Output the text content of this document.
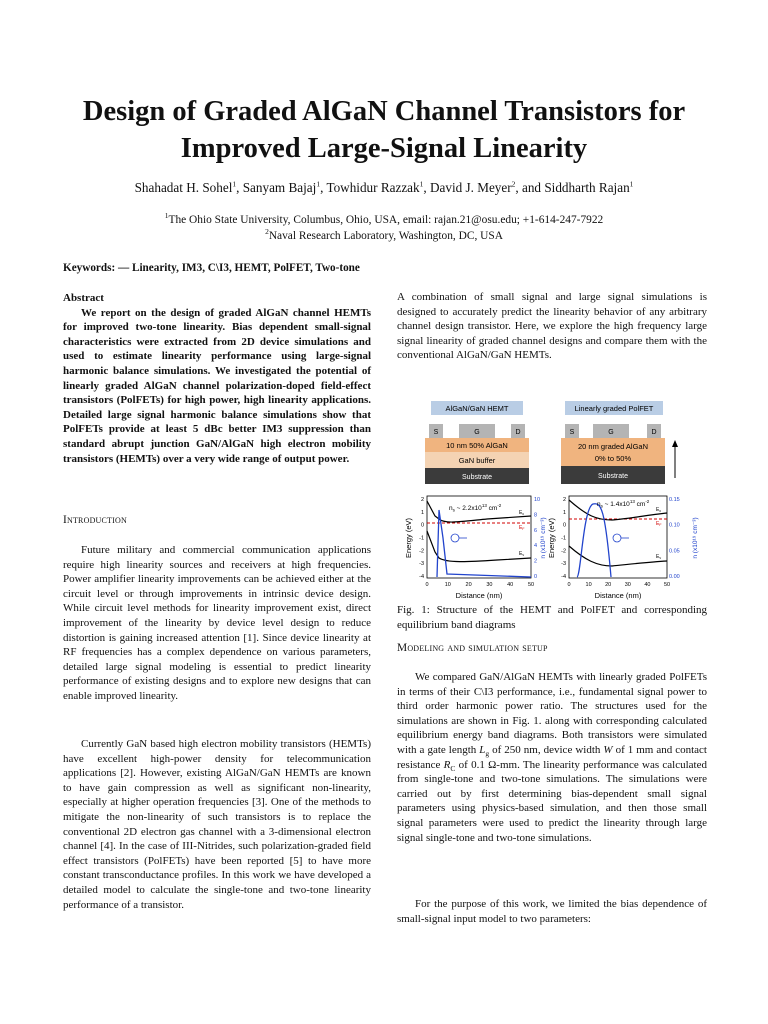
Design of Graded AlGaN Channel Transistors for Improved Large-Signal Linearity
Shahadat H. Sohel$^1$, Sanyam Bajaj$^1$, Towhidur Razzak$^1$, David J. Meyer$^2$, and Siddharth Rajan$^1$
$^1$The Ohio State University, Columbus, Ohio, USA, email: rajan.21@osu.edu; +1-614-247-7922
$^2$Naval Research Laboratory, Washington, DC, USA
Keywords: — Linearity, IM3, C\I3, HEMT, PolFET, Two-tone

Abstract

We report on the design of graded AlGaN channel HEMTs for improved two-tone linearity. Bias dependent small-signal characteristics were extracted from 2D device simulations and used to estimate linearity performance using large-signal harmonic balance simulations. We investigated the potential of linearly graded AlGaN channel polarization-doped field-effect transistors (PolFETs) for high power, high linearity applications. Detailed large signal harmonic balance simulations show that PolFETs provide at least 5 dBc better IM3 suppression than standard abrupt junction GaN/AlGaN high electron mobility transistors (HEMTs) over a very wide range of output power.

Introduction

Future military and commercial communication applications require high linearity sources and receivers at high frequencies. Power amplifier linearity improvements can be achieved either at the circuit level or through improvements in intrinsic device design. While circuit level methods for linearity improvement exist, direct improvement of the linearity by device level design to reduce distortion is gaining increased attention [1]. Since device linearity at RF frequencies has a complex dependence on various parameters, detailed large signal modeling is essential to predict linearity performance of existing designs and to explore new designs that can enable improved linearity.

Currently GaN based high electron mobility transistors (HEMTs) have excellent high-power density for telecommunication applications [2]. However, existing AlGaN/GaN HEMTs are known to have gain compression as well as significant non-linearity, especially at higher operation frequencies [3]. One of the methods to mitigate the non-linearity of such transistors is to replace the conventional 2D electron gas channel with a 3-dimensional electron channel [4]. In the case of III-Nitrides, such polarization-graded field effect transistors (PolFETs) have been reported [5] to have more constant transconductance profiles. In this work we have developed a detailed model to calculate the single-tone and two-tone linearity performance of a transistor.

A combination of small signal and large signal simulations is designed to accurately predict the linearity behavior of any arbitrary channel design transistor. Here, we explore the high frequency large signal linearity of graded channel designs and compare them with the conventional AlGaN/GaN HEMTs.

AlGaN/GaN HEMT
S	G	D
10 nm 50% AlGaN
GaN buffer
Substrate
Linearly graded PolFET
S	G	D
20 nm graded AlGaN
0% to 50%
Substrate
$n_s$ ~ $2.2x10^{13}$ $cm^{-2}$
$E_c$
$E_F$
$E_v$
2
1
0
-1
-2
-3
-4
10
8
6
4
2
0
0	10	20	30	40	50
Energy (eV)	n (x10¹⁹ cm⁻³)
Distance (nm)
$n_s$ ~ $1.4x10^{13}$ $cm^{-2}$
$E_c$
$E_F$
$E_v$
2
1
0
-1
-2
-3
-4
0.15
0.10
0.05
0.00
0	10 20 30 40 50
Energy (eV)	n (x10¹⁹ cm⁻³)
Distance (nm)
Fig. 1: Structure of the HEMT and PolFET and corresponding equilibrium band diagrams

Modeling and simulation setup

We compared GaN/AlGaN HEMTs with linearly graded PolFETs in terms of their C\I3 performance, i.e., fundamental signal power to third order harmonic power ratio. The structures used for the simulations are shown in Fig. 1. along with corresponding calculated equilibrium energy band diagrams. Both transistors were simulated with a gate length $L_g$ of 250 nm, device width W of 1 mm and contact resistance $R_C$ of 0.1 Ω-mm. The linearity performance was calculated from single-tone and two-tone simulations. The simulations were carried out by first determining bias-dependent small signal parameters using physics-based simulation, and then those small signal parameters were used to predict the linearity through large signal single-tone and two-tone simulations.

For the purpose of this work, we limited the bias dependence of small-signal input model to two parameters:
